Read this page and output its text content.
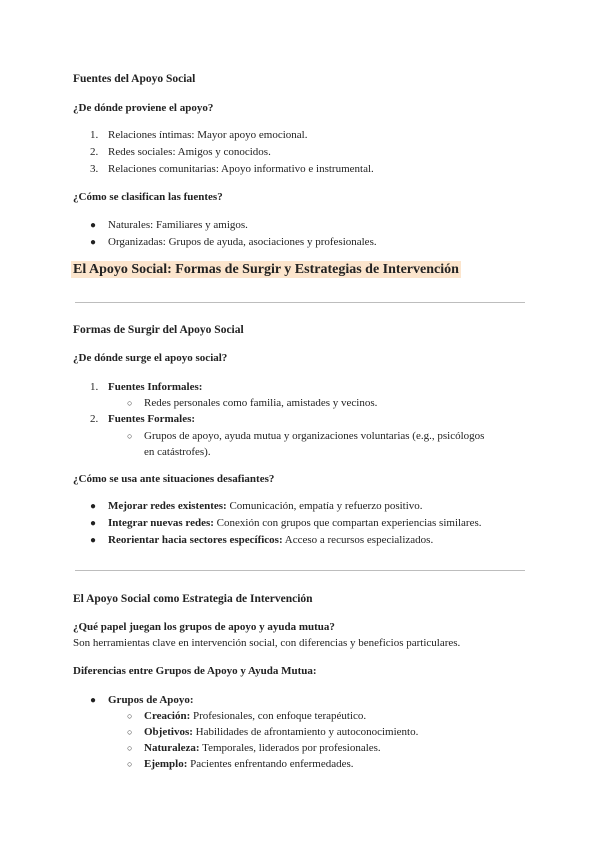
Fuentes del Apoyo Social
¿De dónde proviene el apoyo?
1. Relaciones íntimas: Mayor apoyo emocional.
2. Redes sociales: Amigos y conocidos.
3. Relaciones comunitarias: Apoyo informativo e instrumental.
¿Cómo se clasifican las fuentes?
● Naturales: Familiares y amigos.
● Organizadas: Grupos de ayuda, asociaciones y profesionales.
El Apoyo Social: Formas de Surgir y Estrategias de Intervención
Formas de Surgir del Apoyo Social
¿De dónde surge el apoyo social?
1. Fuentes Informales:
○ Redes personales como familia, amistades y vecinos.
2. Fuentes Formales:
○ Grupos de apoyo, ayuda mutua y organizaciones voluntarias (e.g., psicólogos
en catástrofes).
¿Cómo se usa ante situaciones desafiantes?
● Mejorar redes existentes: Comunicación, empatía y refuerzo positivo.
● Integrar nuevas redes: Conexión con grupos que compartan experiencias similares.
● Reorientar hacia sectores específicos: Acceso a recursos especializados.
El Apoyo Social como Estrategia de Intervención
¿Qué papel juegan los grupos de apoyo y ayuda mutua?
Son herramientas clave en intervención social, con diferencias y beneficios particulares.
Diferencias entre Grupos de Apoyo y Ayuda Mutua:
● Grupos de Apoyo:
○ Creación: Profesionales, con enfoque terapéutico.
○ Objetivos: Habilidades de afrontamiento y autoconocimiento.
○ Naturaleza: Temporales, liderados por profesionales.
○ Ejemplo: Pacientes enfrentando enfermedades.
